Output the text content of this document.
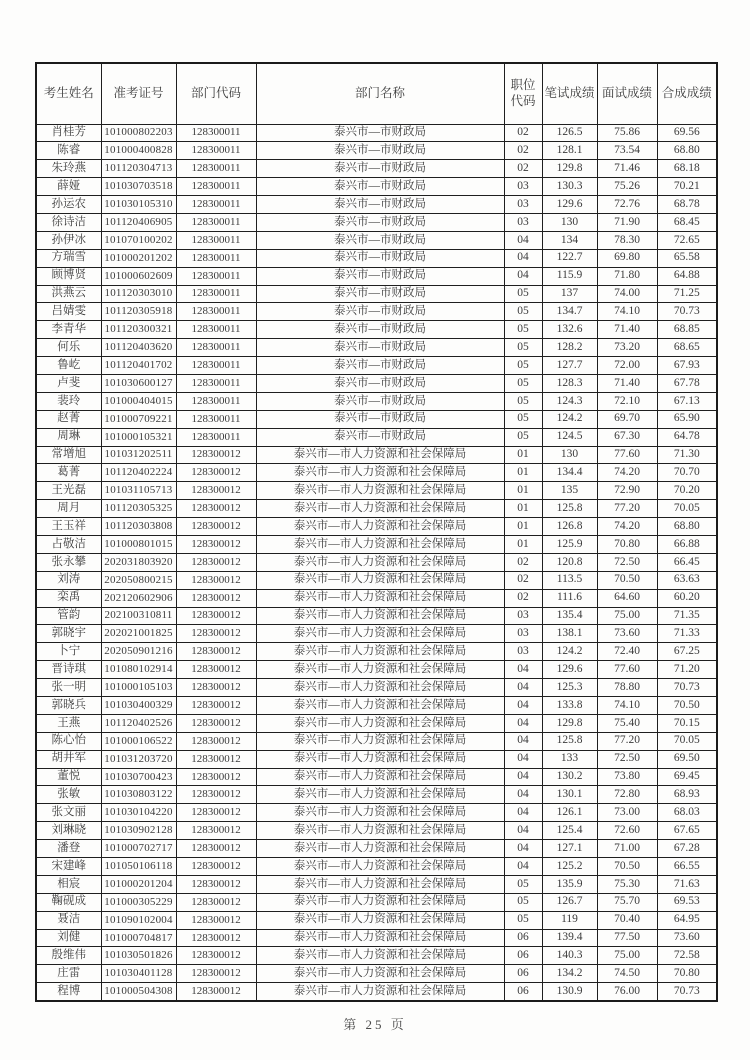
考生姓名	准考证号	部门代码	部门名称	职位代码	笔试成绩	面试成绩	合成成绩
肖桂芳	101000802203	128300011	泰兴市—市财政局	02	126.5	75.86	69.56
陈睿	101000400828	128300011	泰兴市—市财政局	02	128.1	73.54	68.80
朱玲燕	101120304713	128300011	泰兴市—市财政局	02	129.8	71.46	68.18
薛娅	101030703518	128300011	泰兴市—市财政局	03	130.3	75.26	70.21
孙运农	101030105310	128300011	泰兴市—市财政局	03	129.6	72.76	68.78
徐诗洁	101120406905	128300011	泰兴市—市财政局	03	130	71.90	68.45
孙伊冰	101070100202	128300011	泰兴市—市财政局	04	134	78.30	72.65
方瑞雪	101000201202	128300011	泰兴市—市财政局	04	122.7	69.80	65.58
顾博贤	101000602609	128300011	泰兴市—市财政局	04	115.9	71.80	64.88
洪燕云	101120303010	128300011	泰兴市—市财政局	05	137	74.00	71.25
吕婧雯	101120305918	128300011	泰兴市—市财政局	05	134.7	74.10	70.73
李青华	101120300321	128300011	泰兴市—市财政局	05	132.6	71.40	68.85
何乐	101120403620	128300011	泰兴市—市财政局	05	128.2	73.20	68.65
鲁屹	101120401702	128300011	泰兴市—市财政局	05	127.7	72.00	67.93
卢斐	101030600127	128300011	泰兴市—市财政局	05	128.3	71.40	67.78
裴玲	101000404015	128300011	泰兴市—市财政局	05	124.3	72.10	67.13
赵菁	101000709221	128300011	泰兴市—市财政局	05	124.2	69.70	65.90
周琳	101000105321	128300011	泰兴市—市财政局	05	124.5	67.30	64.78
常增旭	101031202511	128300012	泰兴市—市人力资源和社会保障局	01	130	77.60	71.30
葛菁	101120402224	128300012	泰兴市—市人力资源和社会保障局	01	134.4	74.20	70.70
王光磊	101031105713	128300012	泰兴市—市人力资源和社会保障局	01	135	72.90	70.20
周月	101120305325	128300012	泰兴市—市人力资源和社会保障局	01	125.8	77.20	70.05
王玉祥	101120303808	128300012	泰兴市—市人力资源和社会保障局	01	126.8	74.20	68.80
占敬洁	101000801015	128300012	泰兴市—市人力资源和社会保障局	01	125.9	70.80	66.88
张永攀	202031803920	128300012	泰兴市—市人力资源和社会保障局	02	120.8	72.50	66.45
刘涛	202050800215	128300012	泰兴市—市人力资源和社会保障局	02	113.5	70.50	63.63
栾禹	202120602906	128300012	泰兴市—市人力资源和社会保障局	02	111.6	64.60	60.20
管韵	202100310811	128300012	泰兴市—市人力资源和社会保障局	03	135.4	75.00	71.35
郭晓宇	202021001825	128300012	泰兴市—市人力资源和社会保障局	03	138.1	73.60	71.33
卜宁	202050901216	128300012	泰兴市—市人力资源和社会保障局	03	124.2	72.40	67.25
晋诗琪	101080102914	128300012	泰兴市—市人力资源和社会保障局	04	129.6	77.60	71.20
张一明	101000105103	128300012	泰兴市—市人力资源和社会保障局	04	125.3	78.80	70.73
郭晓兵	101030400329	128300012	泰兴市—市人力资源和社会保障局	04	133.8	74.10	70.50
王燕	101120402526	128300012	泰兴市—市人力资源和社会保障局	04	129.8	75.40	70.15
陈心怡	101000106522	128300012	泰兴市—市人力资源和社会保障局	04	125.8	77.20	70.05
胡井军	101031203720	128300012	泰兴市—市人力资源和社会保障局	04	133	72.50	69.50
董悦	101030700423	128300012	泰兴市—市人力资源和社会保障局	04	130.2	73.80	69.45
张敏	101030803122	128300012	泰兴市—市人力资源和社会保障局	04	130.1	72.80	68.93
张文丽	101030104220	128300012	泰兴市—市人力资源和社会保障局	04	126.1	73.00	68.03
刘琳晓	101030902128	128300012	泰兴市—市人力资源和社会保障局	04	125.4	72.60	67.65
潘登	101000702717	128300012	泰兴市—市人力资源和社会保障局	04	127.1	71.00	67.28
宋建峰	101050106118	128300012	泰兴市—市人力资源和社会保障局	04	125.2	70.50	66.55
相宸	101000201204	128300012	泰兴市—市人力资源和社会保障局	05	135.9	75.30	71.63
鞠砚成	101000305229	128300012	泰兴市—市人力资源和社会保障局	05	126.7	75.70	69.53
聂洁	101090102004	128300012	泰兴市—市人力资源和社会保障局	05	119	70.40	64.95
刘健	101000704817	128300012	泰兴市—市人力资源和社会保障局	06	139.4	77.50	73.60
殷维伟	101030501826	128300012	泰兴市—市人力资源和社会保障局	06	140.3	75.00	72.58
庄雷	101030401128	128300012	泰兴市—市人力资源和社会保障局	06	134.2	74.50	70.80
程博	101000504308	128300012	泰兴市—市人力资源和社会保障局	06	130.9	76.00	70.73
第 25 页
